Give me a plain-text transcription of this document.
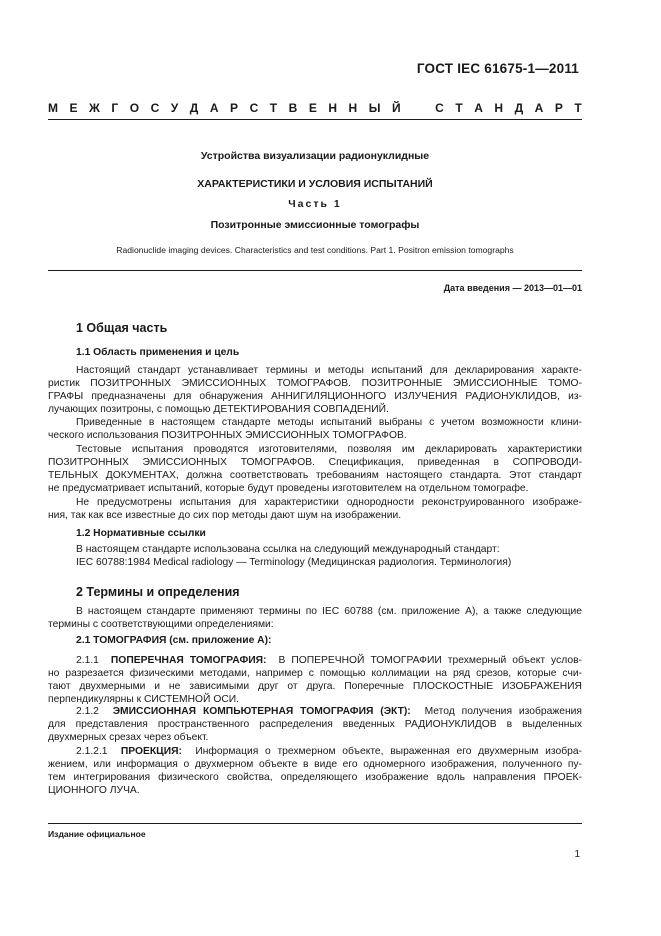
ГОСТ IEC 61675-1—2011
М Е Ж Г О С У Д А Р С Т В Е Н Н Ы Й	С Т А Н Д А Р Т
Устройства визуализации радионуклидные
ХАРАКТЕРИСТИКИ И УСЛОВИЯ ИСПЫТАНИЙ
Часть 1
Позитронные эмиссионные томографы
Radionuclide imaging devices. Characteristics and test conditions. Part 1. Positron emission tomographs
Дата введения — 2013—01—01
1 Общая часть
1.1 Область применения и цель
Настоящий стандарт устанавливает термины и методы испытаний для декларирования характе-
ристик ПОЗИТРОННЫХ ЭМИССИОННЫХ ТОМОГРАФОВ. ПОЗИТРОННЫЕ ЭМИССИОННЫЕ ТОМО-
ГРАФЫ предназначены для обнаружения АННИГИЛЯЦИОННОГО ИЗЛУЧЕНИЯ РАДИОНУКЛИДОВ, из-
лучающих позитроны, с помощью ДЕТЕКТИРОВАНИЯ СОВПАДЕНИЙ.
Приведенные в настоящем стандарте методы испытаний выбраны с учетом возможности клини-
ческого использования ПОЗИТРОННЫХ ЭМИССИОННЫХ ТОМОГРАФОВ.
Тестовые испытания проводятся изготовителями, позволяя им декларировать характеристики
ПОЗИТРОННЫХ ЭМИССИОННЫХ ТОМОГРАФОВ. Спецификация, приведенная в СОПРОВОДИ-
ТЕЛЬНЫХ ДОКУМЕНТАХ, должна соответствовать требованиям настоящего стандарта. Этот стандарт
не предусматривает испытаний, которые будут проведены изготовителем на отдельном томографе.
Не предусмотрены испытания для характеристики однородности реконструированного изображе-
ния, так как все известные до сих пор методы дают шум на изображении.
1.2 Нормативные ссылки
В настоящем стандарте использована ссылка на следующий международный стандарт:
IEC 60788:1984 Medical radiology — Terminology (Медицинская радиология. Терминология)
2 Термины и определения
В настоящем стандарте применяют термины по IEC 60788 (см. приложение А), а также следующие
термины с соответствующими определениями:
2.1 ТОМОГРАФИЯ (см. приложение А):
2.1.1 ПОПЕРЕЧНАЯ ТОМОГРАФИЯ: В ПОПЕРЕЧНОЙ ТОМОГРАФИИ трехмерный объект услов-
но разрезается физическими методами, например с помощью коллимации на ряд срезов, которые счи-
тают двухмерными и не зависимыми друг от друга. Поперечные ПЛОСКОСТНЫЕ ИЗОБРАЖЕНИЯ
перпендикулярны к СИСТЕМНОЙ ОСИ.
2.1.2 ЭМИССИОННАЯ КОМПЬЮТЕРНАЯ ТОМОГРАФИЯ (ЭКТ): Метод получения изображения
для представления пространственного распределения введенных РАДИОНУКЛИДОВ в выделенных
двухмерных срезах через объект.
2.1.2.1 ПРОЕКЦИЯ: Информация о трехмерном объекте, выраженная его двухмерным изобра-
жением, или информация о двухмерном объекте в виде его одномерного изображения, полученного пу-
тем интегрирования физического свойства, определяющего изображение вдоль направления ПРОЕК-
ЦИОННОГО ЛУЧА.
Издание официальное
1
